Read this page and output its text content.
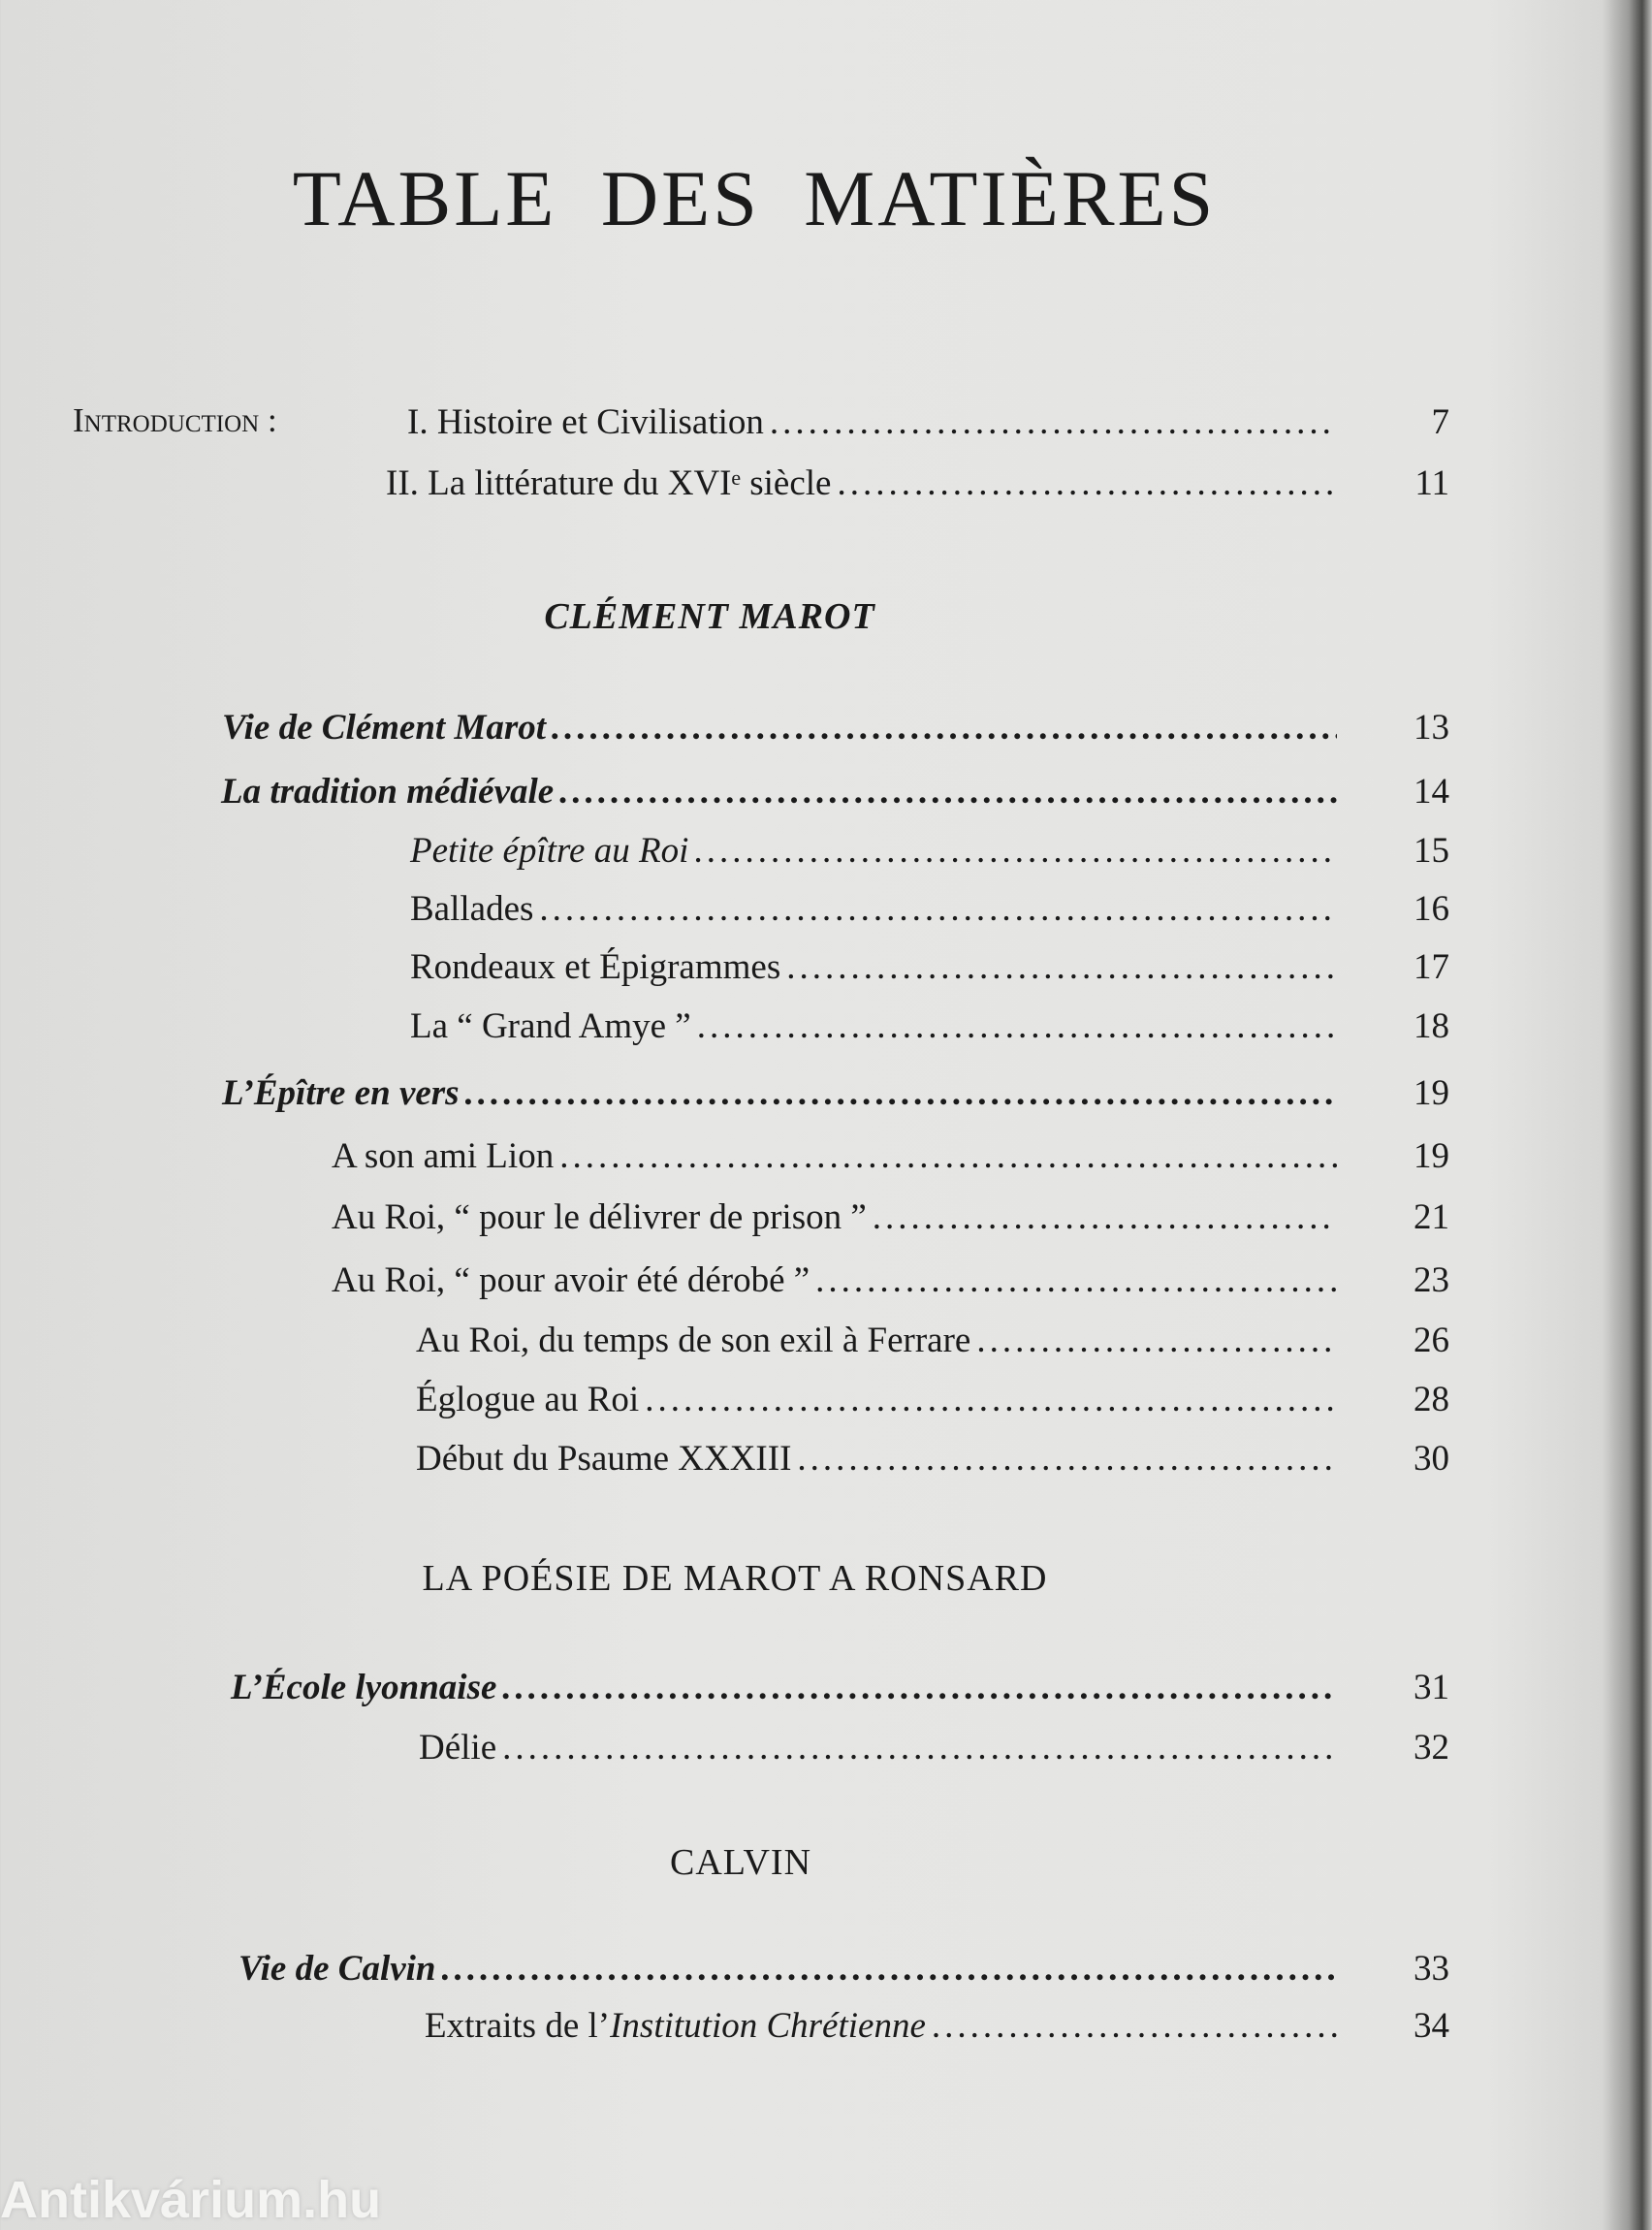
TABLE DES MATIÈRES
Introduction :	I. Histoire et Civilisation .....	7
II. La littérature du XVIᵉ siècle .....	11
CLÉMENT MAROT
Vie de Clément Marot .....	13
La tradition médiévale .....	14
Petite épître au Roi .....	15
Ballades .....	16
Rondeaux et Épigrammes .....	17
La “ Grand Amye ” .....	18
L’Épître en vers .....	19
A son ami Lion .....	19
Au Roi, “ pour le délivrer de prison ” .....	21
Au Roi, “ pour avoir été dérobé ” .....	23
Au Roi, du temps de son exil à Ferrare .....	26
Églogue au Roi .....	28
Début du Psaume XXXIII .....	30
LA POÉSIE DE MAROT A RONSARD
L’École lyonnaise .....	31
Délie .....	32
CALVIN
Vie de Calvin .....	33
Extraits de l’Institution Chrétienne .....	34
Antikvárium.hu
